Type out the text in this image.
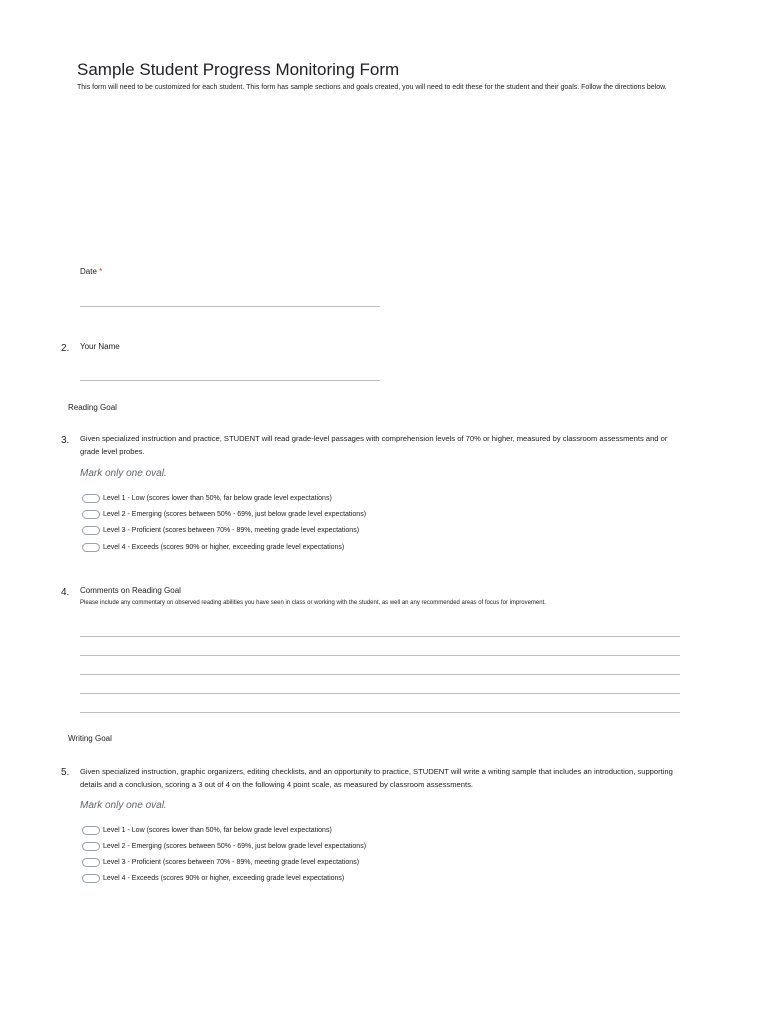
Sample Student Progress Monitoring Form
This form will need to be customized for each student. This form has sample sections and goals created, you will need to edit these for the student and their goals. Follow the directions below.
Date *
2. Your Name
Reading Goal
3. Given specialized instruction and practice, STUDENT will read grade-level passages with comprehension levels of 70% or higher, measured by classroom assessments and or grade level probes.
Mark only one oval.
Level 1 - Low (scores lower than 50%, far below grade level expectations)
Level 2 - Emerging (scores between 50% - 69%, just below grade level expectations)
Level 3 - Proficient (scores between 70% - 89%, meeting grade level expectations)
Level 4 - Exceeds (scores 90% or higher, exceeding grade level expectations)
4. Comments on Reading Goal
Please include any commentary on observed reading abilities you have seen in class or working with the student, as well an any recommended areas of focus for improvement.
Writing Goal
5. Given specialized instruction, graphic organizers, editing checklists, and an opportunity to practice, STUDENT will write a writing sample that includes an introduction, supporting details and a conclusion, scoring a 3 out of 4 on the following 4 point scale, as measured by classroom assessments.
Mark only one oval.
Level 1 - Low (scores lower than 50%, far below grade level expectations)
Level 2 - Emerging (scores between 50% - 69%, just below grade level expectations)
Level 3 - Proficient (scores between 70% - 89%, meeting grade level expectations)
Level 4 - Exceeds (scores 90% or higher, exceeding grade level expectations)
